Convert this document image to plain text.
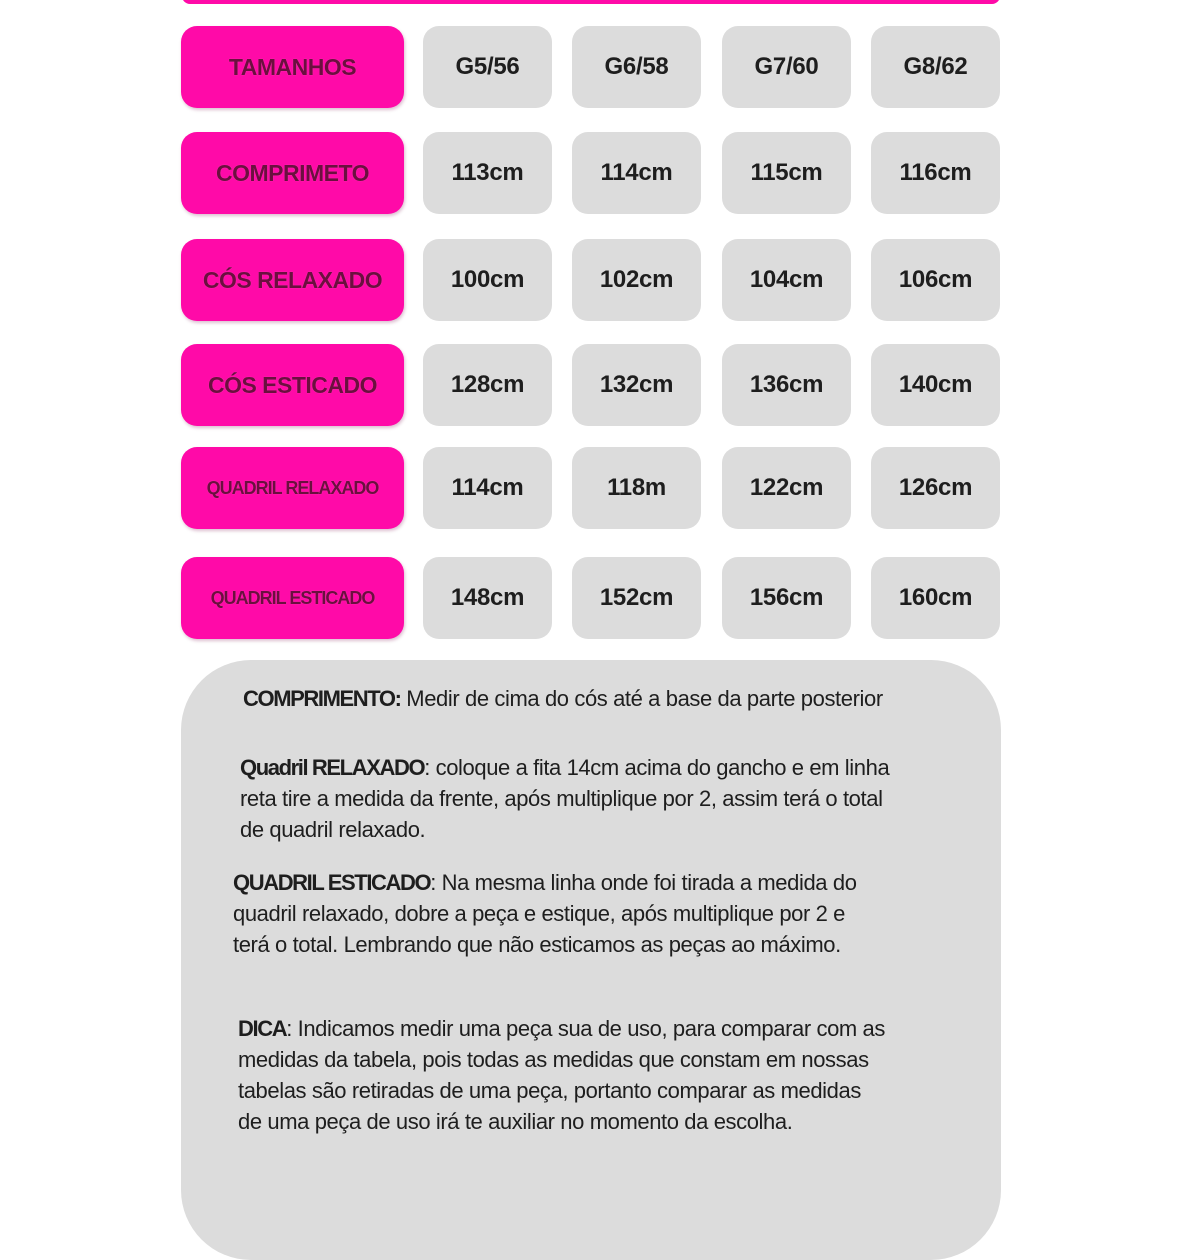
TAMANHOS	G5/56	G6/58	G7/60	G8/62
COMPRIMETO	113cm	114cm	115cm	116cm
CÓS RELAXADO	100cm	102cm	104cm	106cm
CÓS ESTICADO	128cm	132cm	136cm	140cm
QUADRIL RELAXADO	114cm	118m	122cm	126cm
QUADRIL ESTICADO	148cm	152cm	156cm	160cm
COMPRIMENTO: Medir de cima do cós até a base da parte posterior
Quadril RELAXADO: coloque a fita 14cm acima do gancho e em linha
reta tire a medida da frente, após multiplique por 2, assim terá o total
de quadril relaxado.
QUADRIL ESTICADO: Na mesma linha onde foi tirada a medida do
quadril relaxado, dobre a peça e estique, após multiplique por 2 e
terá o total. Lembrando que não esticamos as peças ao máximo.
DICA: Indicamos medir uma peça sua de uso, para comparar com as
medidas da tabela, pois todas as medidas que constam em nossas
tabelas são retiradas de uma peça, portanto comparar as medidas
de uma peça de uso irá te auxiliar no momento da escolha.
